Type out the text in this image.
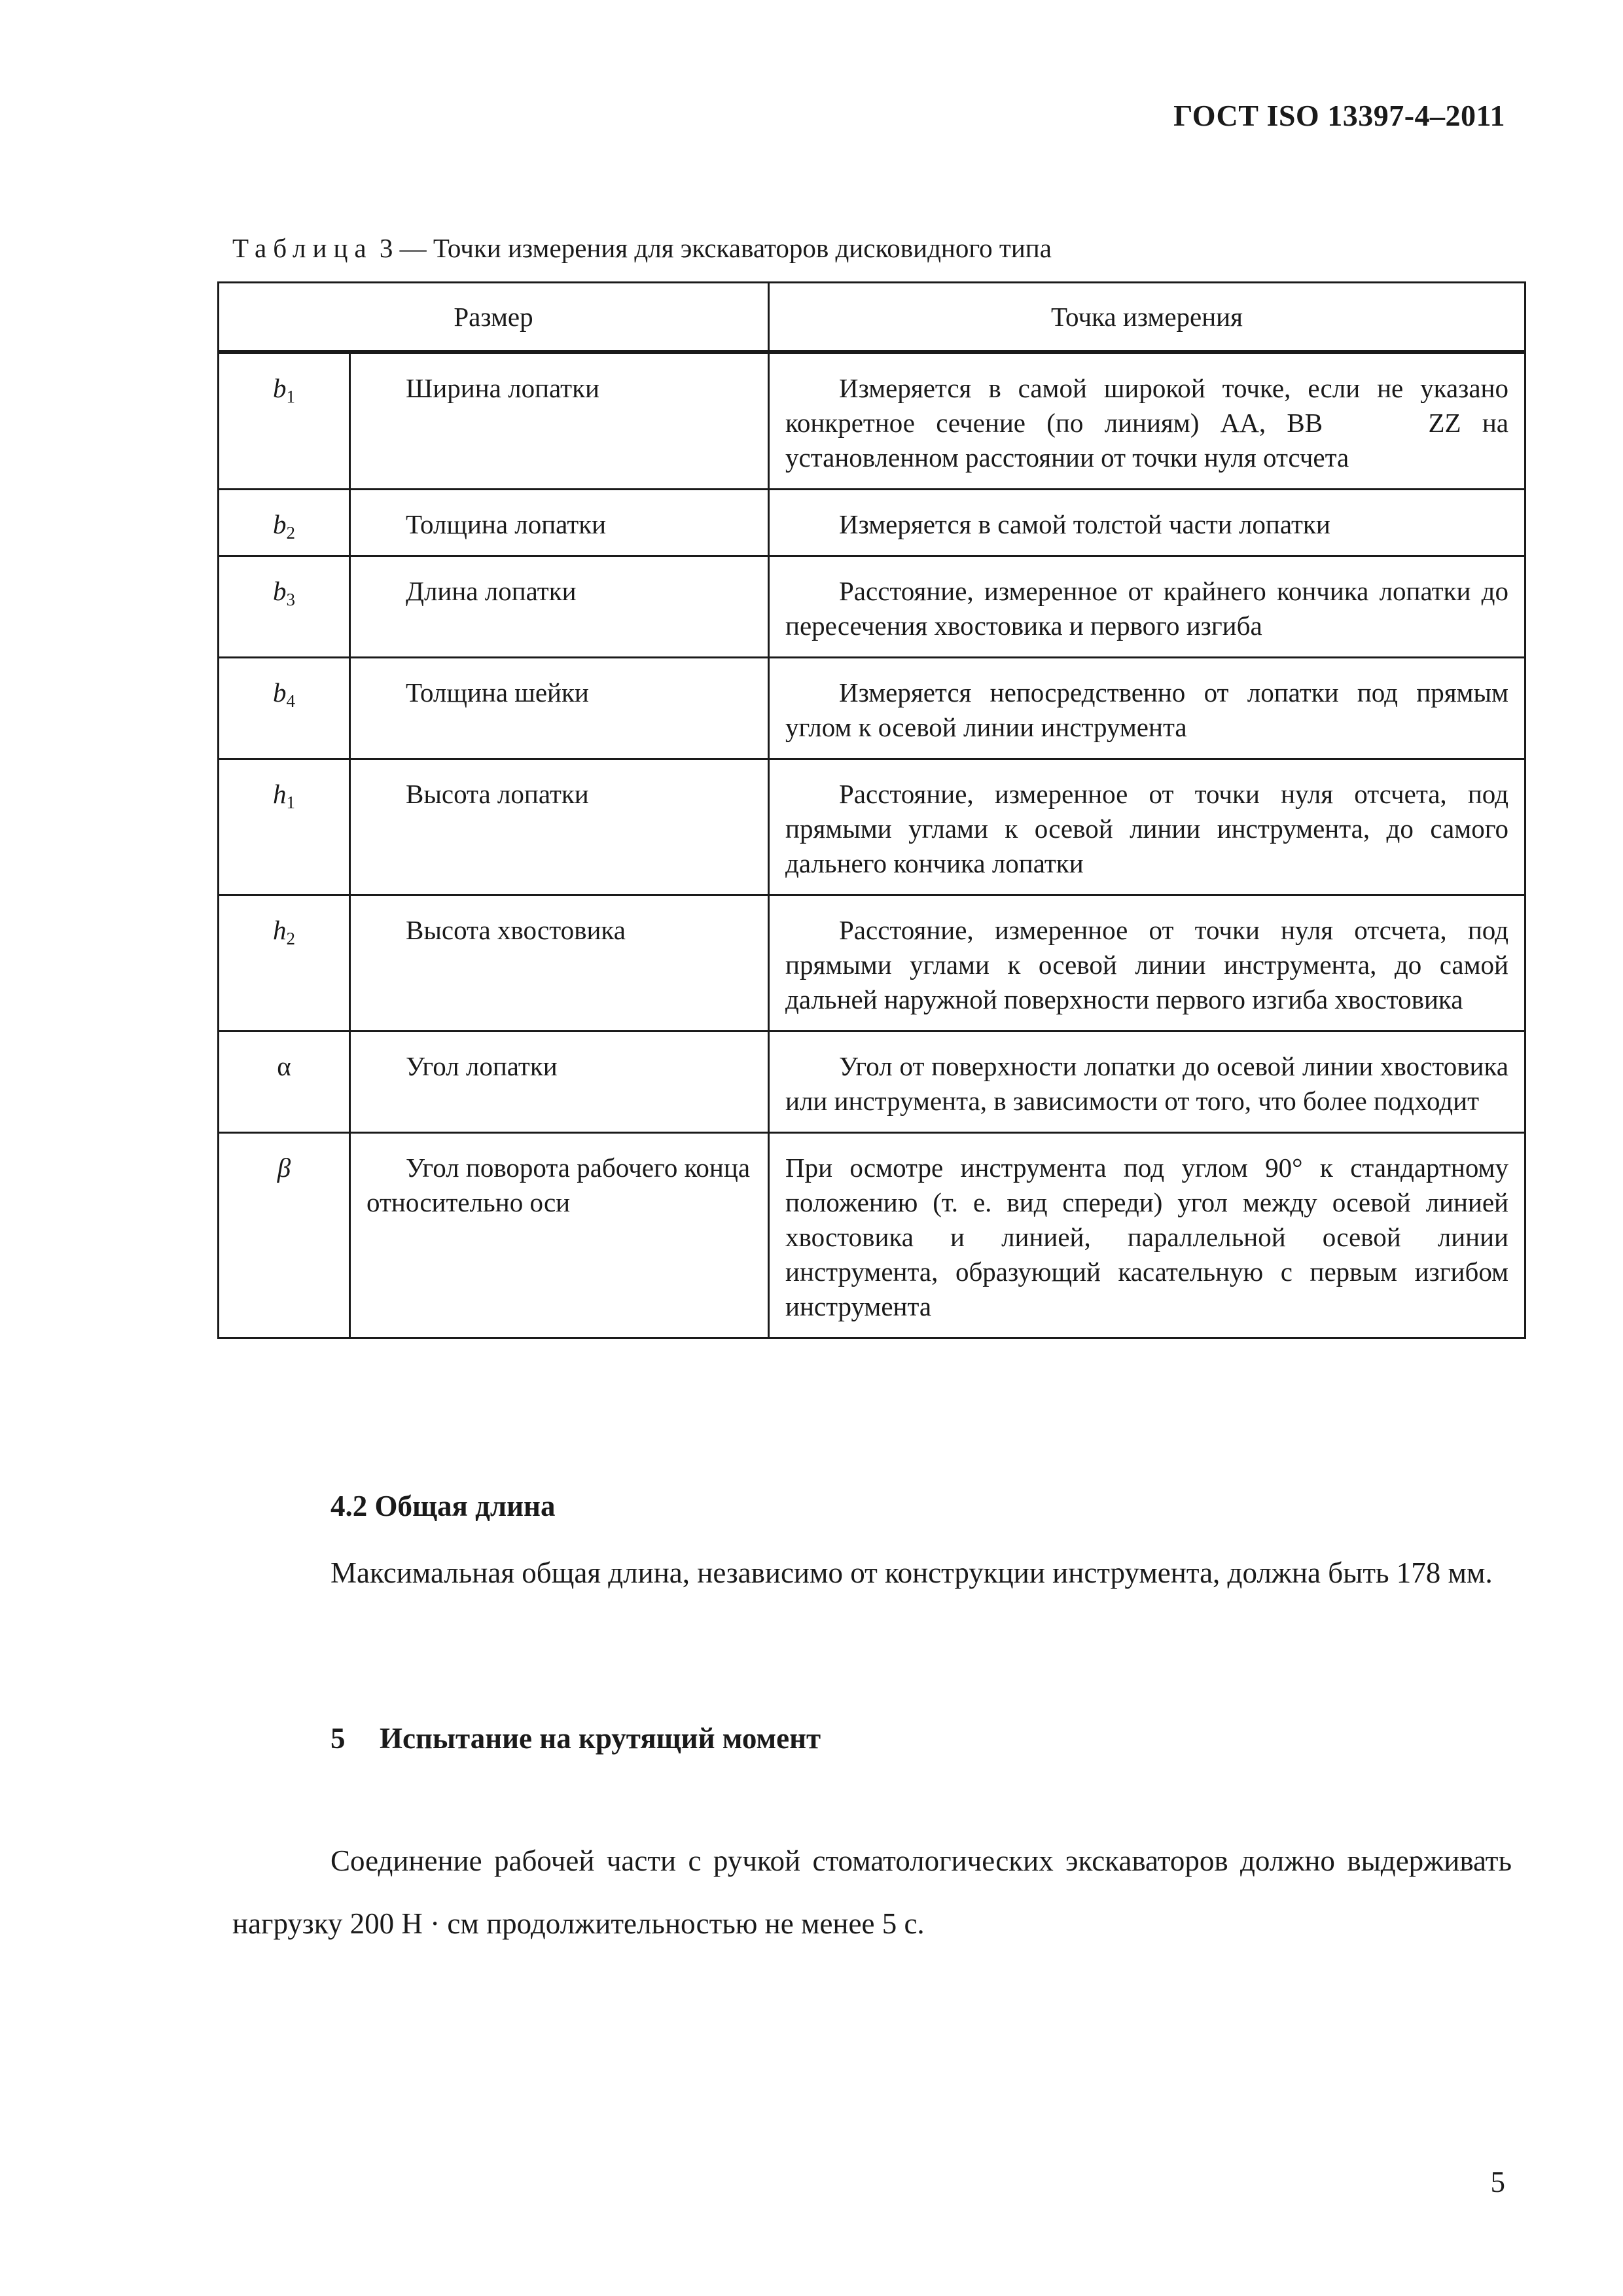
ГОСТ ISO 13397-4–2011
Таблица 3 — Точки измерения для экскаваторов дисковидного типа
Размер		Точка измерения
$b_1$	Ширина лопатки	Измеряется в самой широкой точке, если не указано конкретное сечение (по линиям) АА, ВВ     ZZ на установленном расстоянии от точки нуля отсчета
$b_2$	Толщина лопатки	Измеряется в самой толстой части лопатки
$b_3$	Длина лопатки	Расстояние, измеренное от крайнего кончика лопатки до пересечения хвостовика и первого изгиба
$b_4$	Толщина шейки	Измеряется непосредственно от лопатки под прямым углом к осевой линии инструмента
$h_1$	Высота лопатки	Расстояние, измеренное от точки нуля отсчета, под прямыми углами к осевой линии инструмента, до самого дальнего кончика лопатки
$h_2$	Высота хвостовика	Расстояние, измеренное от точки нуля отсчета, под прямыми углами к осевой линии инструмента, до самой дальней наружной поверхности первого изгиба хвостовика
α	Угол лопатки	Угол от поверхности лопатки до осевой линии хвостовика или инструмента, в зависимости от того, что более подходит
β	Угол поворота рабочего конца относительно оси	При осмотре инструмента под углом 90° к стандартному положению (т. е. вид спереди) угол между осевой линией хвостовика и линией, параллельной осевой линии инструмента, образующий касательную с первым изгибом инструмента
4.2 Общая длина
Максимальная общая длина, независимо от конструкции инструмента, должна быть 178 мм.
5 Испытание на крутящий момент
Соединение рабочей части с ручкой стоматологических экскаваторов должно выдерживать нагрузку 200 Н · см продолжительностью не менее 5 с.
5
